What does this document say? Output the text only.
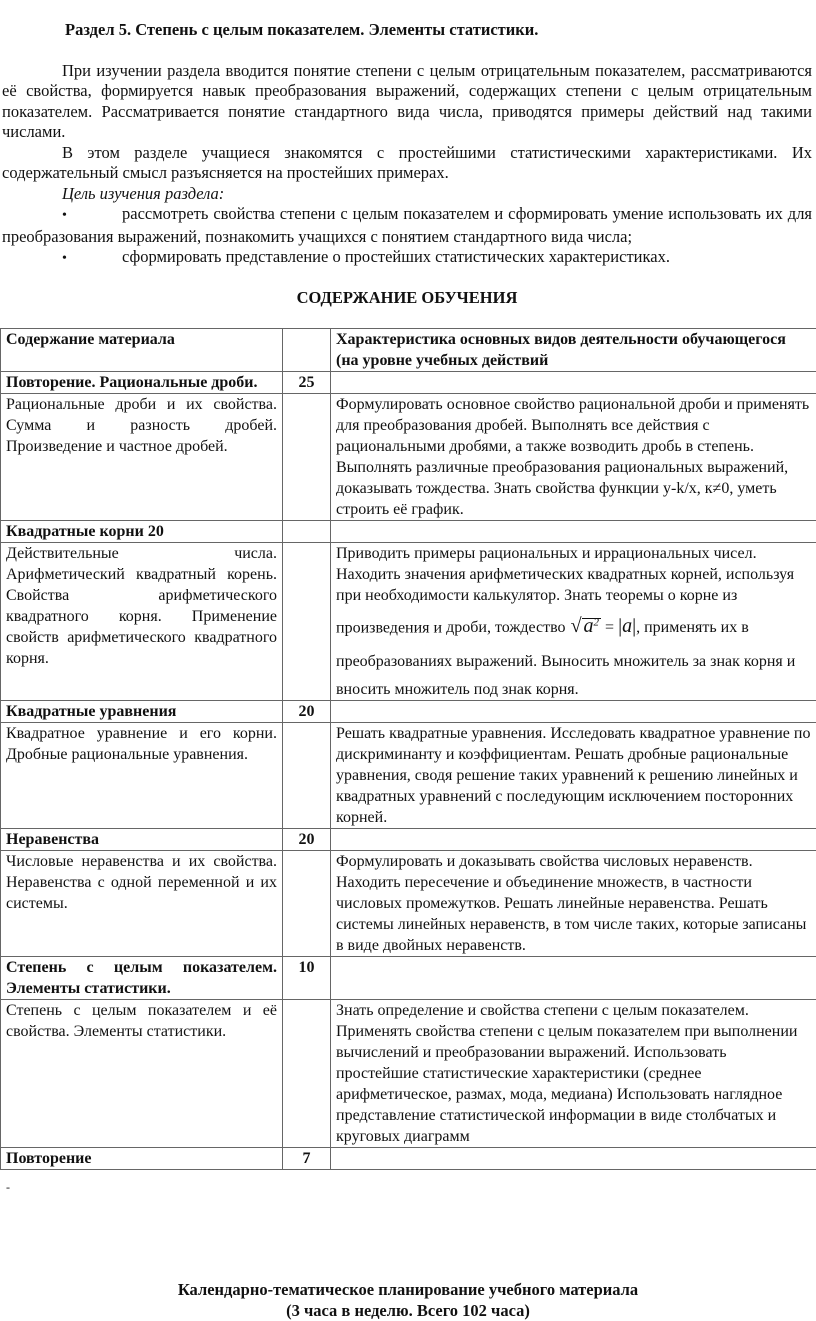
Раздел 5. Степень с целым показателем. Элементы статистики.

При изучении раздела вводится понятие степени с целым отрицательным показателем, рассматриваются её свойства, формируется навык преобразования выражений, содержащих степени с целым отрицательным показателем. Рассматривается понятие стандартного вида числа, приводятся примеры действий над такими числами.

В этом разделе учащиеся знакомятся с простейшими статистическими характеристиками. Их содержательный смысл разъясняется на простейших примерах.

Цель изучения раздела:

•	рассмотреть свойства степени с целым показателем и сформировать умение использовать их для преобразования выражений, познакомить учащихся с понятием стандартного вида числа;

•	сформировать представление о простейших статистических характеристиках.

СОДЕРЖАНИЕ ОБУЧЕНИЯ

Содержание материала		Характеристика основных видов деятельности обучающегося (на уровне учебных действий
Повторение. Рациональные дроби.	25	
Рациональные дроби и их свойства. Сумма и разность дробей. Произведение и частное дробей.		Формулировать основное свойство рациональной дроби и применять для преобразования дробей. Выполнять все действия с рациональными дробями, а также возводить дробь в степень. Выполнять различные преобразования рациональных выражений, доказывать тождества. Знать свойства функции y-k/x, к≠0, уметь строить её график.
Квадратные корни 20		
Действительные числа. Арифметический квадратный корень. Свойства арифметического квадратного корня. Применение свойств арифметического квадратного корня.		Приводить примеры рациональных и иррациональных чисел. Находить значения арифметических квадратных корней, используя при необходимости калькулятор. Знать теоремы о корне из произведения и дроби, тождество √ $a^2 = |a|$, применять их в преобразованиях выражений. Выносить множитель за знак корня и вносить множитель под знак корня.
Квадратные уравнения	20	
Квадратное уравнение и его корни. Дробные рациональные уравнения.		Решать квадратные уравнения. Исследовать квадратное уравнение по дискриминанту и коэффициентам. Решать дробные рациональные уравнения, сводя решение таких уравнений к решению линейных и квадратных уравнений с последующим исключением посторонних корней.
Неравенства	20	
Числовые неравенства и их свойства. Неравенства с одной переменной и их системы.		Формулировать и доказывать свойства числовых неравенств. Находить пересечение и объединение множеств, в частности числовых промежутков. Решать линейные неравенства. Решать системы линейных неравенств, в том числе таких, которые записаны в виде двойных неравенств.
Степень с целым показателем. Элементы статистики.	10	
Степень с целым показателем и её свойства. Элементы статистики.		Знать определение и свойства степени с целым показателем. Применять свойства степени с целым показателем при выполнении вычислений и преобразовании выражений. Использовать простейшие статистические характеристики (среднее арифметическое, размах, мода, медиана) Использовать наглядное представление статистической информации в виде столбчатых и круговых диаграмм
Повторение	7	
-
Календарно-тематическое планирование учебного материала
(3 часа в неделю. Всего 102 часа)
